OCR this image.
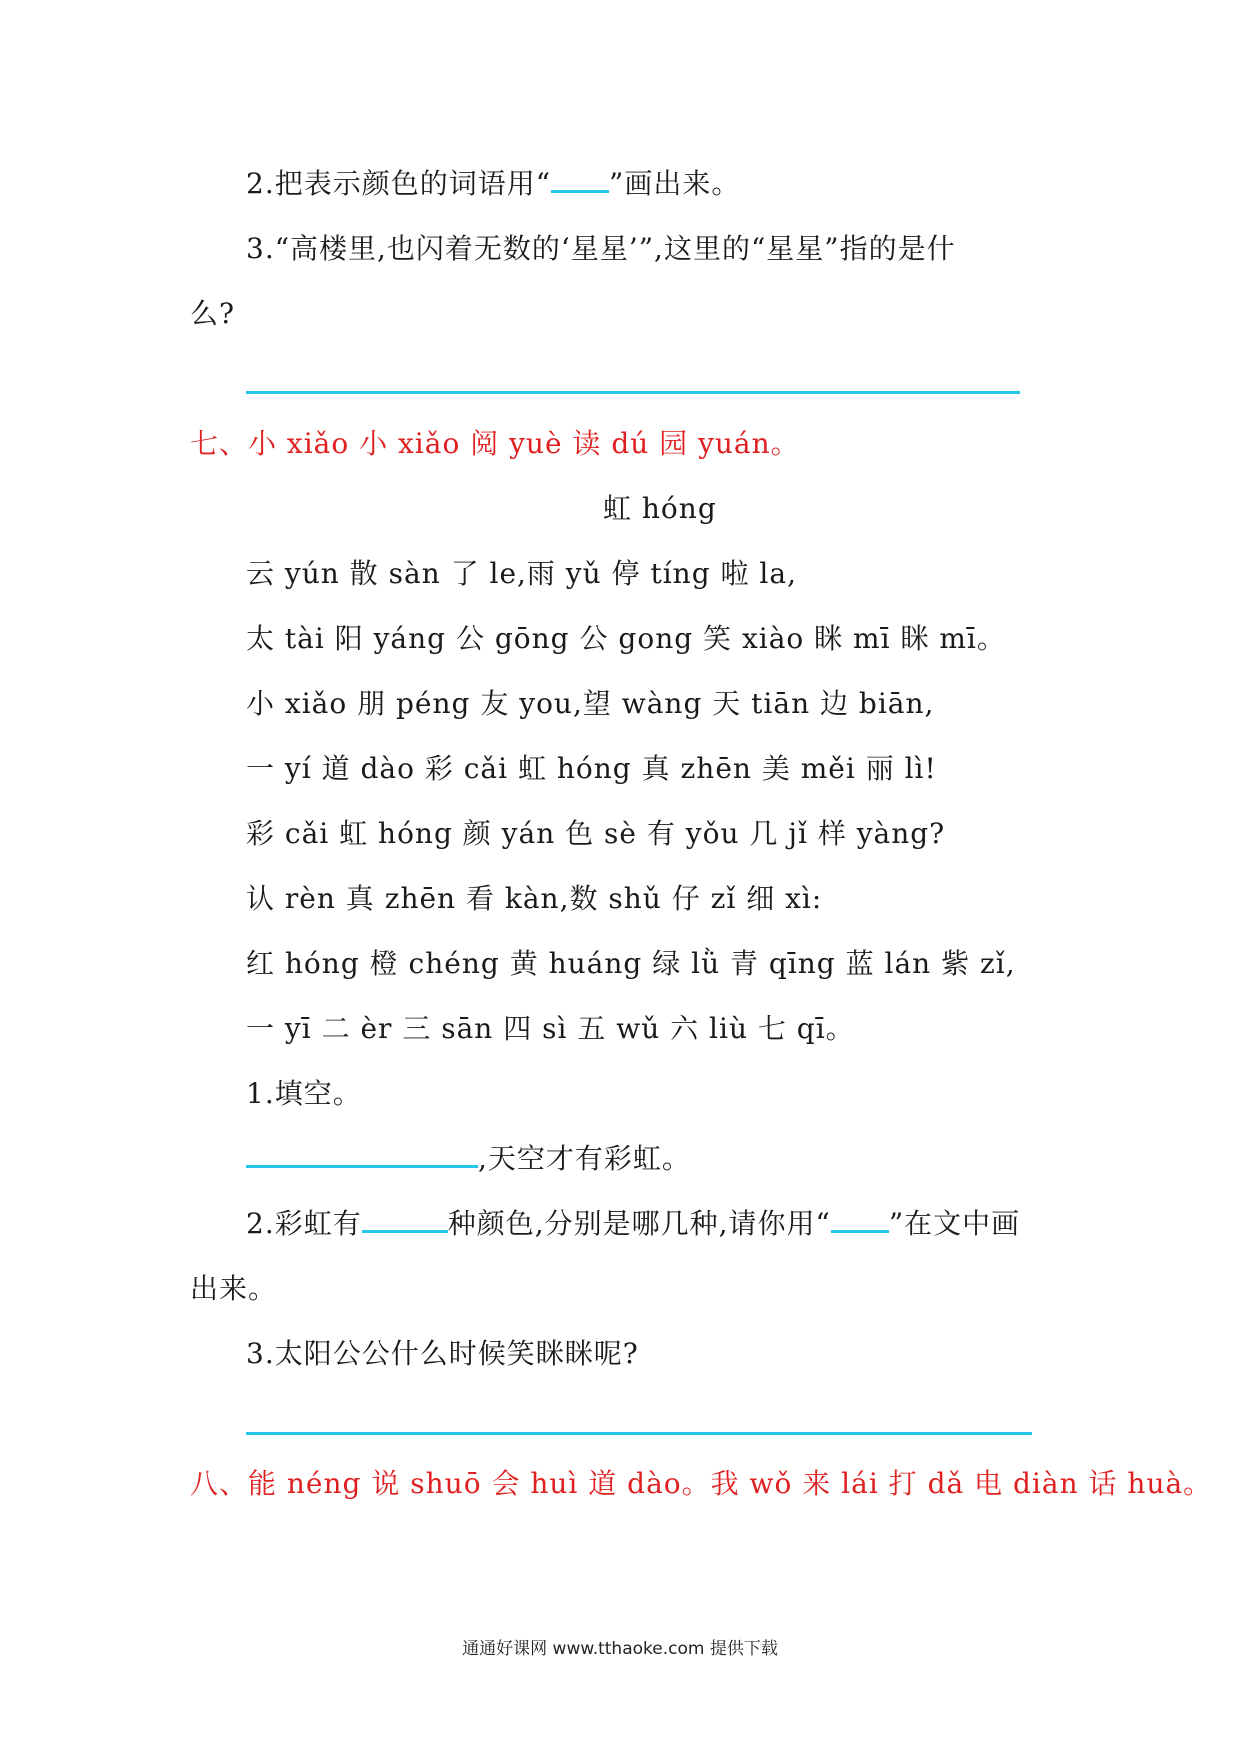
2.把表示颜色的词语用“ ”画出来。
3.“高楼里,也闪着无数的‘星星’”,这里的“星星”指的是什
么?
七、小 xiǎo 小 xiǎo 阅 yuè 读 dú 园 yuán。
虹 hóng
云 yún 散 sàn 了 le,雨 yǔ 停 tíng 啦 la,
太 tài 阳 yáng 公 gōng 公 gong 笑 xiào 眯 mī 眯 mī。
小 xiǎo 朋 péng 友 you,望 wàng 天 tiān 边 biān,
一 yí 道 dào 彩 cǎi 虹 hóng 真 zhēn 美 měi 丽 lì!
彩 cǎi 虹 hóng 颜 yán 色 sè 有 yǒu 几 jǐ 样 yàng?
认 rèn 真 zhēn 看 kàn,数 shǔ 仔 zǐ 细 xì:
红 hóng 橙 chéng 黄 huáng 绿 lǜ 青 qīng 蓝 lán 紫 zǐ,
一 yī 二 èr 三 sān 四 sì 五 wǔ 六 liù 七 qī。
1.填空。
,天空才有彩虹。
2.彩虹有	种颜色,分别是哪几种,请你用“ ”在文中画
出来。
3.太阳公公什么时候笑眯眯呢?
八、能 néng 说 shuō 会 huì 道 dào。我 wǒ 来 lái 打 dǎ 电 diàn 话 huà。
通通好课网 www.tthaoke.com 提供下载
